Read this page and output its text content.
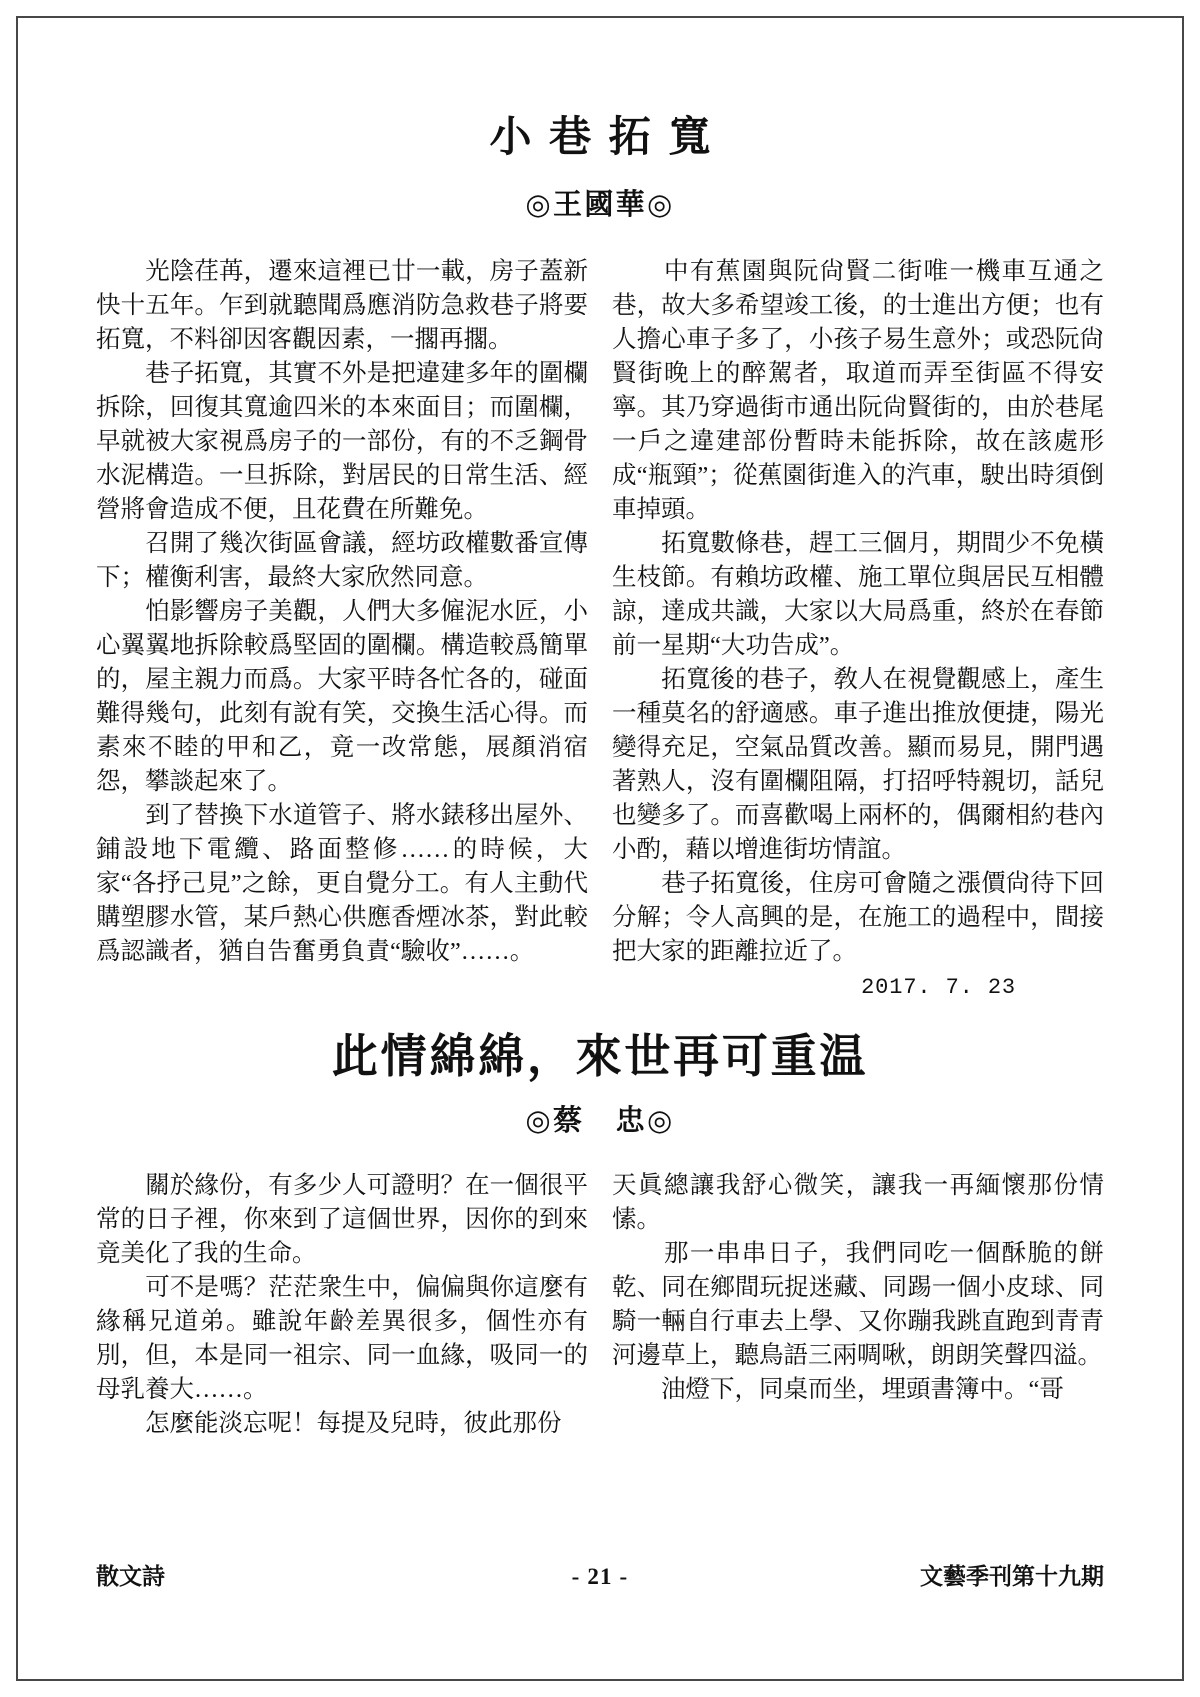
小巷拓寬
◎王國華◎

　　光陰荏苒，遷來這裡已廿一載，房子蓋新快十五年。乍到就聽聞爲應消防急救巷子將要拓寬，不料卻因客觀因素，一擱再擱。

　　巷子拓寬，其實不外是把違建多年的圍欄拆除，回復其寬逾四米的本來面目；而圍欄，早就被大家視爲房子的一部份，有的不乏鋼骨水泥構造。一旦拆除，對居民的日常生活、經營將會造成不便，且花費在所難免。

　　召開了幾次街區會議，經坊政權數番宣傳下；權衡利害，最終大家欣然同意。

　　怕影響房子美觀，人們大多僱泥水匠，小心翼翼地拆除較爲堅固的圍欄。構造較爲簡單的，屋主親力而爲。大家平時各忙各的，碰面難得幾句，此刻有說有笑，交換生活心得。而素來不睦的甲和乙，竟一改常態，展顏消宿怨，攀談起來了。

　　到了替換下水道管子、將水錶移出屋外、鋪設地下電纜、路面整修……的時候，大家“各抒己見”之餘，更自覺分工。有人主動代購塑膠水管，某戶熱心供應香煙冰茶，對此較爲認識者，猶自告奮勇負責“驗收”……。

　　中有蕉園與阮尙賢二街唯一機車互通之巷，故大多希望竣工後，的士進出方便；也有人擔心車子多了，小孩子易生意外；或恐阮尙賢街晚上的醉駕者，取道而弄至街區不得安寧。其乃穿過街市通出阮尙賢街的，由於巷尾一戶之違建部份暫時未能拆除，故在該處形成“瓶頸”；從蕉園街進入的汽車，駛出時須倒車掉頭。

　　拓寬數條巷，趕工三個月，期間少不免橫生枝節。有賴坊政權、施工單位與居民互相體諒，達成共識，大家以大局爲重，終於在春節前一星期“大功告成”。

　　拓寬後的巷子，敎人在視覺觀感上，產生一種莫名的舒適感。車子進出推放便捷，陽光變得充足，空氣品質改善。顯而易見，開門遇著熟人，沒有圍欄阻隔，打招呼特親切，話兒也變多了。而喜歡喝上兩杯的，偶爾相約巷內小酌，藉以增進街坊情誼。

　　巷子拓寬後，住房可會隨之漲價尙待下回分解；令人高興的是，在施工的過程中，間接把大家的距離拉近了。

2017. 7. 23
此情綿綿，來世再可重温
◎蔡　忠◎

　　關於緣份，有多少人可證明？在一個很平常的日子裡，你來到了這個世界，因你的到來竟美化了我的生命。

　　可不是嗎？茫茫衆生中，偏偏與你這麼有緣稱兄道弟。雖說年齡差異很多，個性亦有別，但，本是同一祖宗、同一血緣，吸同一的母乳養大……。

　　怎麼能淡忘呢！每提及兒時，彼此那份

天眞總讓我舒心微笑，讓我一再緬懷那份情愫。

　　那一串串日子，我們同吃一個酥脆的餅乾、同在鄉間玩捉迷藏、同踢一個小皮球、同騎一輛自行車去上學、又你蹦我跳直跑到青青河邊草上，聽鳥語三兩啁啾，朗朗笑聲四溢。

　　油燈下，同桌而坐，埋頭書簿中。“哥

散文詩	- 21 -	文藝季刊第十九期
